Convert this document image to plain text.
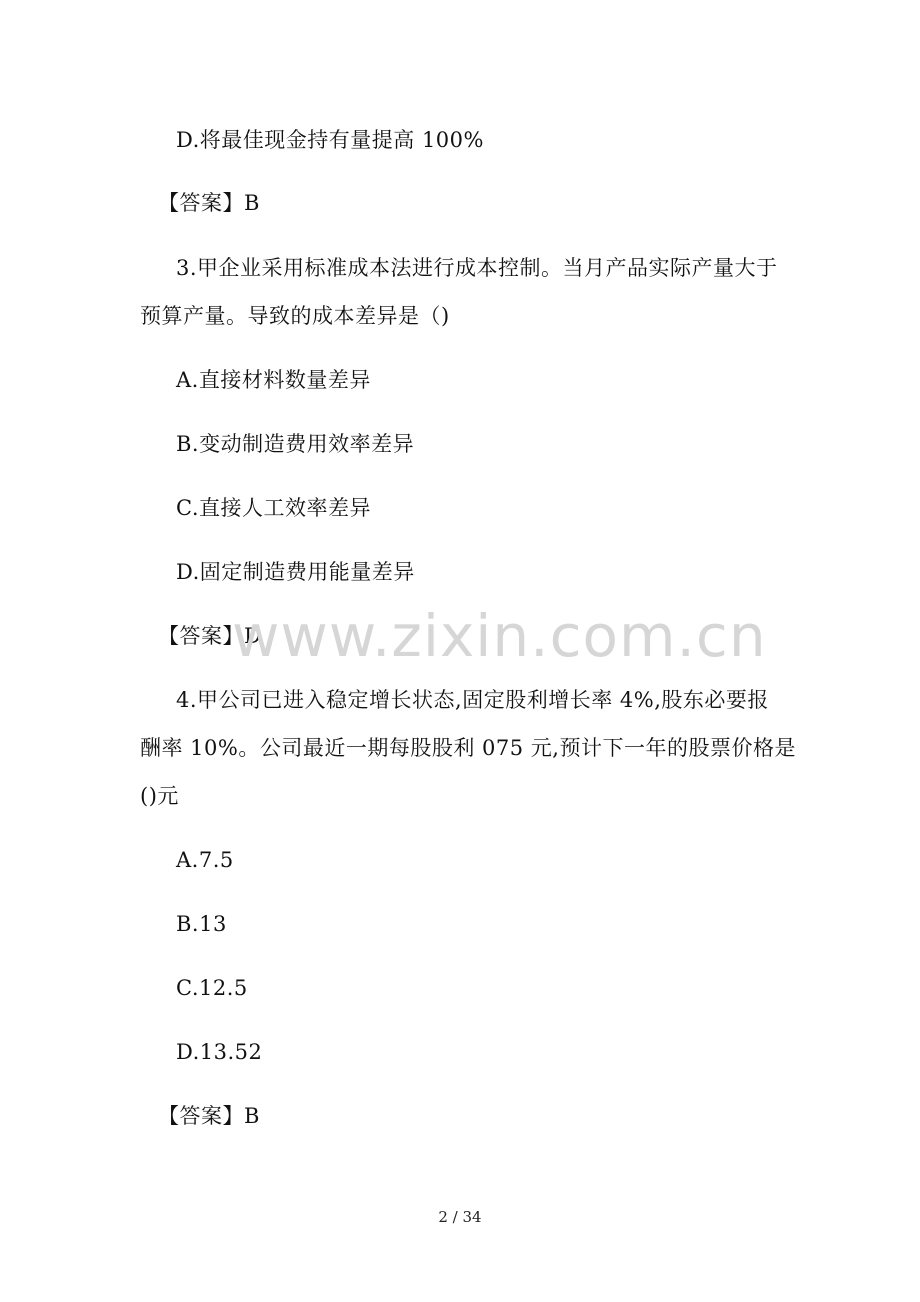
D.将最佳现金持有量提高 100%
【答案】B
3.甲企业采用标准成本法进行成本控制。当月产品实际产量大于
预算产量。导致的成本差异是（)
A.直接材料数量差异
B.变动制造费用效率差异
C.直接人工效率差异
D.固定制造费用能量差异
【答案】D
4.甲公司已进入稳定增长状态,固定股利增长率 4%,股东必要报
酬率 10%。公司最近一期每股股利 075 元,预计下一年的股票价格是
()元
A.7.5
B.13
C.12.5
D.13.52
【答案】B
www.zixin.com.cn
2 / 34
